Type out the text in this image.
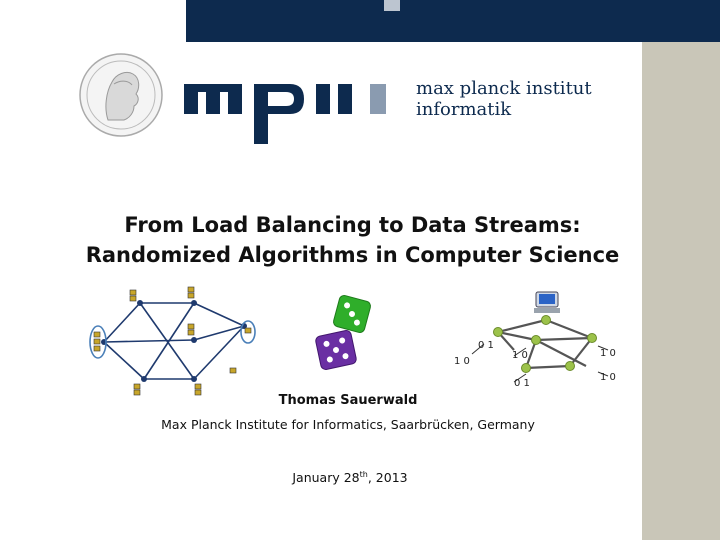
max planck institut
informatik
From Load Balancing to Data Streams:
Randomized Algorithms in Computer Science
1 0
0 1
1 0	1 0
0 1
1 0
Thomas Sauerwald
Max Planck Institute for Informatics, Saarbrücken, Germany
January 28th, 2013
